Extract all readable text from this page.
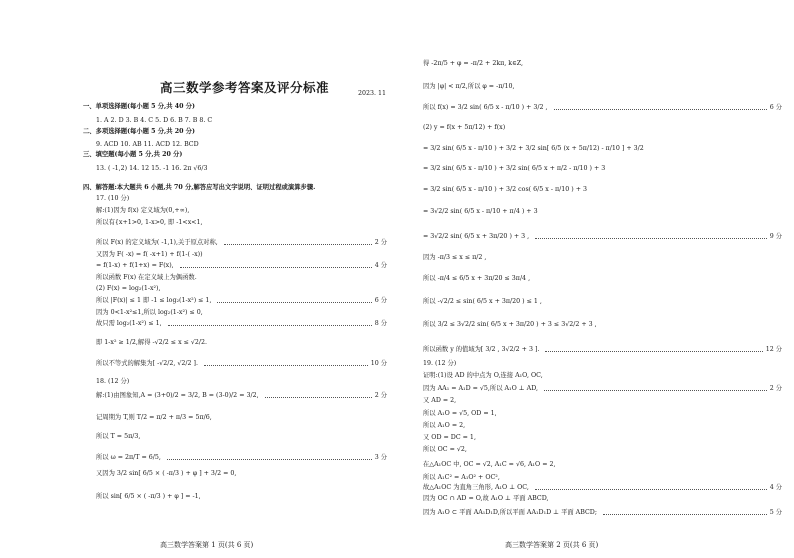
高三数学参考答案及评分标准	2023. 11
一、单项选择题(每小题 5 分,共 40 分)
1. A 2. D 3. B 4. C 5. D 6. B 7. B 8. C
二、多项选择题(每小题 5 分,共 20 分)
9. ACD 10. AB 11. ACD 12. BCD
三、填空题(每小题 5 分,共 20 分)
13. ( -1,2) 14. 12 15. -1 16. 2π √6/3
四、解答题:本大题共 6 小题,共 70 分,解答应写出文字说明、证明过程或演算步骤.
17. (10 分)
解:(1)因为 f(x) 定义域为(0,+∞),
所以有{x+1>0, 1-x>0, 即 -1<x<1,
所以 F(x) 的定义域为( -1,1),关于原点对称,	2 分
又因为 F( -x) = f( -x+1) + f(1-( -x))
= f(1-x) + f(1+x) = F(x),	4 分
所以函数 F(x) 在定义域上为偶函数.
(2) F(x) = log₂(1-x²),
所以 |F(x)| ≤ 1 即 -1 ≤ log₂(1-x²) ≤ 1,	6 分
因为 0<1-x²≤1,所以 log₂(1-x²) ≤ 0,
故只需 log₂(1-x²) ≤ 1,	8 分
即 1-x² ≥ 1/2,解得 -√2/2 ≤ x ≤ √2/2.
所以不等式的解集为[ -√2/2, √2/2 ].	10 分
18. (12 分)
解:(1)由图象知,A = (3+0)/2 = 3/2, B = (3-0)/2 = 3/2,	2 分
记周期为 T,则 T/2 = π/2 + π/3 = 5π/6,
所以 T = 5π/3,
所以 ω = 2π/T = 6/5,	3 分
又因为 3/2 sin[ 6/5 × ( -π/3 ) + φ ] + 3/2 = 0,
所以 sin[ 6/5 × ( -π/3 ) + φ ] = -1,
高三数学答案第 1 页(共 6 页)
得 -2π/5 + φ = -π/2 + 2kπ, k∈Z,
因为 |φ| < π/2,所以 φ = -π/10,
所以 f(x) = 3/2 sin( 6/5 x - π/10 ) + 3/2 ,	6 分
(2) y = f(x + 5π/12) + f(x)
= 3/2 sin( 6/5 x - π/10 ) + 3/2 + 3/2 sin[ 6/5 (x + 5π/12) - π/10 ] + 3/2
= 3/2 sin( 6/5 x - π/10 ) + 3/2 sin( 6/5 x + π/2 - π/10 ) + 3
= 3/2 sin( 6/5 x - π/10 ) + 3/2 cos( 6/5 x - π/10 ) + 3
= 3√2/2 sin( 6/5 x - π/10 + π/4 ) + 3
= 3√2/2 sin( 6/5 x + 3π/20 ) + 3 ,	9 分
因为 -π/3 ≤ x ≤ π/2 ,
所以 -π/4 ≤ 6/5 x + 3π/20 ≤ 3π/4 ,
所以 -√2/2 ≤ sin( 6/5 x + 3π/20 ) ≤ 1 ,
所以 3/2 ≤ 3√2/2 sin( 6/5 x + 3π/20 ) + 3 ≤ 3√2/2 + 3 ,
所以函数 y 的值域为[ 3/2 , 3√2/2 + 3 ].	12 分
19. (12 分)
证明:(1)设 AD 的中点为 O,连接 A₁O, OC,
因为 AA₁ = A₁D = √5,所以 A₁O ⊥ AD,	2 分
又 AD = 2,
所以 A₁O = √5, OD = 1,
所以 A₁O = 2,
又 OD = DC = 1,
所以 OC = √2,
在△A₁OC 中, OC = √2, A₁C = √6, A₁O = 2,
所以 A₁C² = A₁O² + OC²,
故△A₁OC 为直角三角形, A₁O ⊥ OC,	4 分
因为 OC ∩ AD = O,故 A₁O ⊥ 平面 ABCD,
因为 A₁O ⊂ 平面 AA₁D₁D,所以平面 AA₁D₁D ⊥ 平面 ABCD;	5 分
高三数学答案第 2 页(共 6 页)
